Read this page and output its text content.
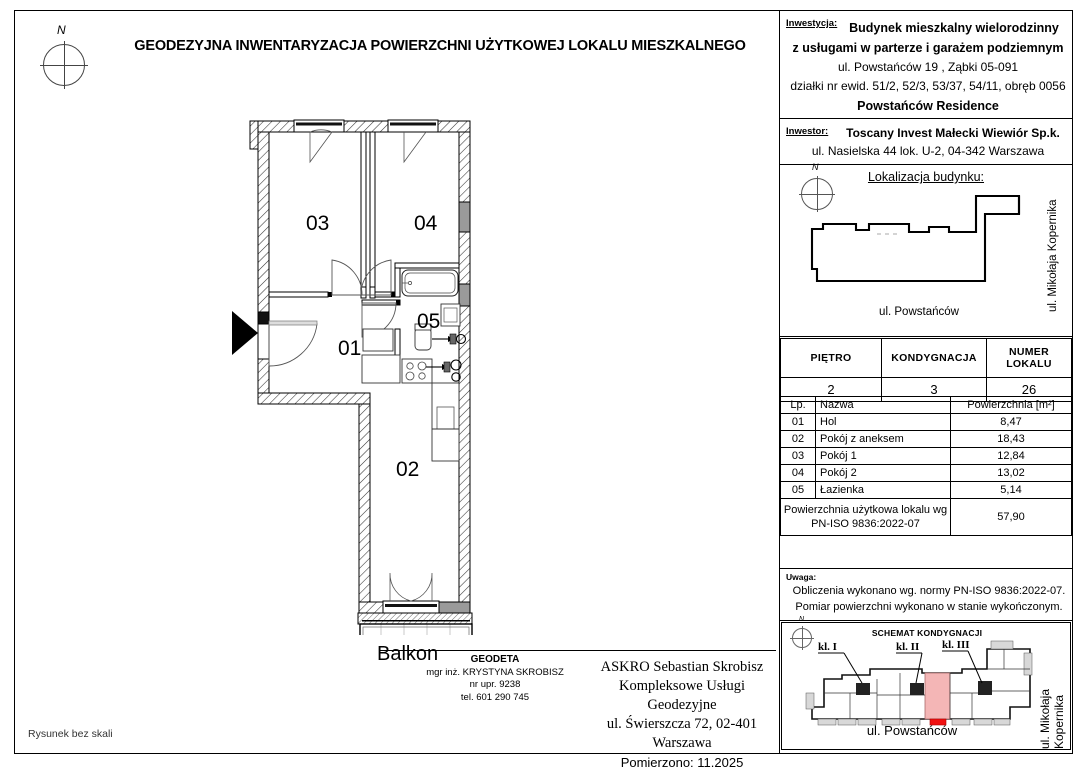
N
GEODEZYJNA INWENTARYZACJA POWIERZCHNI UŻYTKOWEJ LOKALU MIESZKALNEGO
01
02
03	04
05
Balkon
Rysunek bez skali
GEODETA
mgr inż. KRYSTYNA SKROBISZ
nr upr. 9238
tel. 601 290 745
ASKRO Sebastian Skrobisz
Kompleksowe Usługi Geodezyjne
ul. Świerszcza 72, 02-401 Warszawa
Pomierzono: 11.2025
Inwestycja: Budynek mieszkalny wielorodzinny
z usługami w parterze i garażem podziemnym
ul. Powstańców 19 , Ząbki 05-091
działki nr ewid. 51/2, 52/3, 53/37, 54/11, obręb 0056
Powstańców Residence
Inwestor:	Toscany Invest Małecki Wiewiór Sp.k.
ul. Nasielska 44 lok. U-2, 04-342 Warszawa
Lokalizacja budynku:
N
ul. Powstańców	ul. Mikołaja Kopernika
PIĘTRO	KONDYGNACJA	NUMER LOKALU
2	3	26
Lp.	Nazwa	Powierzchnia [m²]
01	Hol	8,47
02	Pokój z aneksem	18,43
03	Pokój 1	12,84
04	Pokój 2	13,02
05	Łazienka	5,14
Powierzchnia użytkowa lokalu wg
PN-ISO 9836:2022-07		57,90
Uwaga:
Obliczenia wykonano wg. normy PN-ISO 9836:2022-07.
Pomiar powierzchni wykonano w stanie wykończonym.
SCHEMAT KONDYGNACJI
N
kl. I	kl. II kl. III
ul. Powstańców	ul. Mikołaja Kopernika
